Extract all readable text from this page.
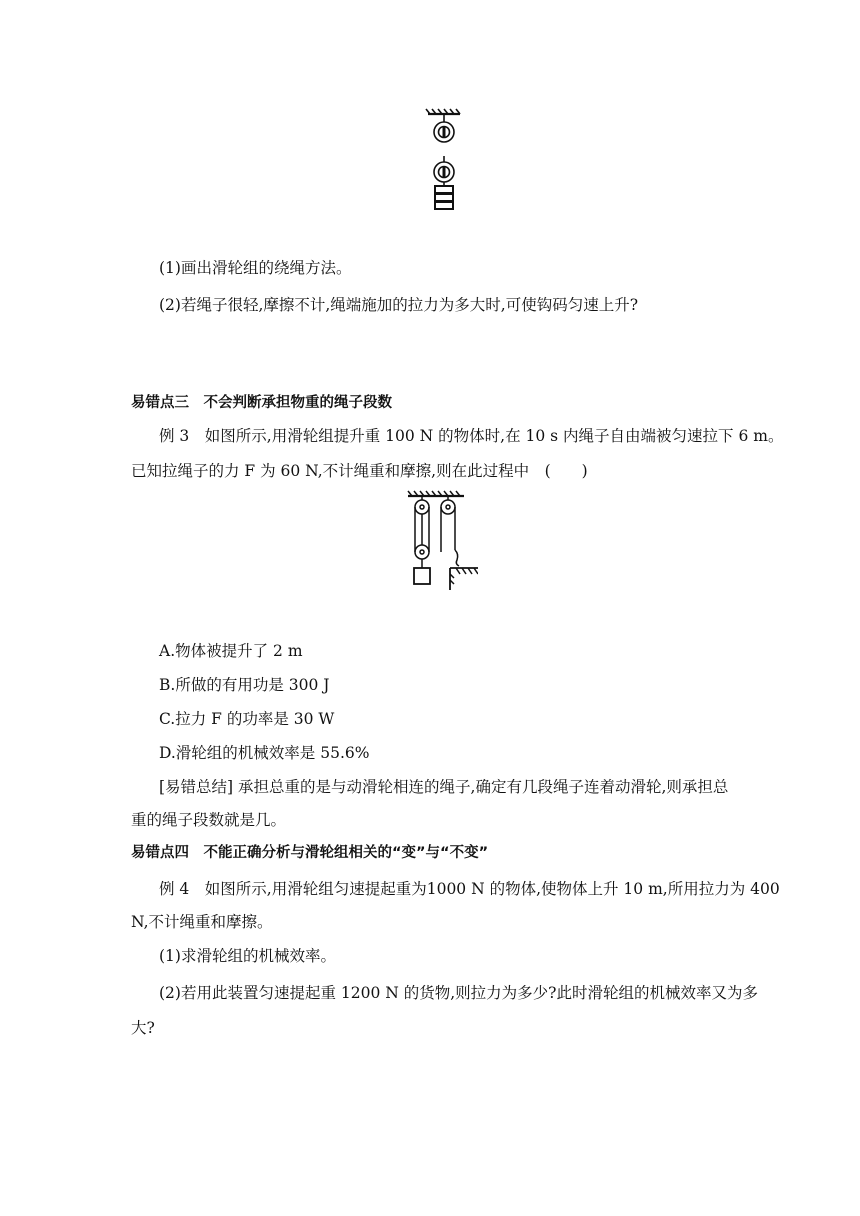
(1)画出滑轮组的绕绳方法。
(2)若绳子很轻,摩擦不计,绳端施加的拉力为多大时,可使钩码匀速上升?
易错点三　不会判断承担物重的绳子段数
例 3　如图所示,用滑轮组提升重 100 N 的物体时,在 10 s 内绳子自由端被匀速拉下 6 m。
已知拉绳子的力 F 为 60 N,不计绳重和摩擦,则在此过程中　(　　)
A.物体被提升了 2 m
B.所做的有用功是 300 J
C.拉力 F 的功率是 30 W
D.滑轮组的机械效率是 55.6%
[易错总结] 承担总重的是与动滑轮相连的绳子,确定有几段绳子连着动滑轮,则承担总
重的绳子段数就是几。
易错点四　不能正确分析与滑轮组相关的“变”与“不变”
例 4　如图所示,用滑轮组匀速提起重为1000 N 的物体,使物体上升 10 m,所用拉力为 400
N,不计绳重和摩擦。
(1)求滑轮组的机械效率。
(2)若用此装置匀速提起重 1200 N 的货物,则拉力为多少?此时滑轮组的机械效率又为多
大?
